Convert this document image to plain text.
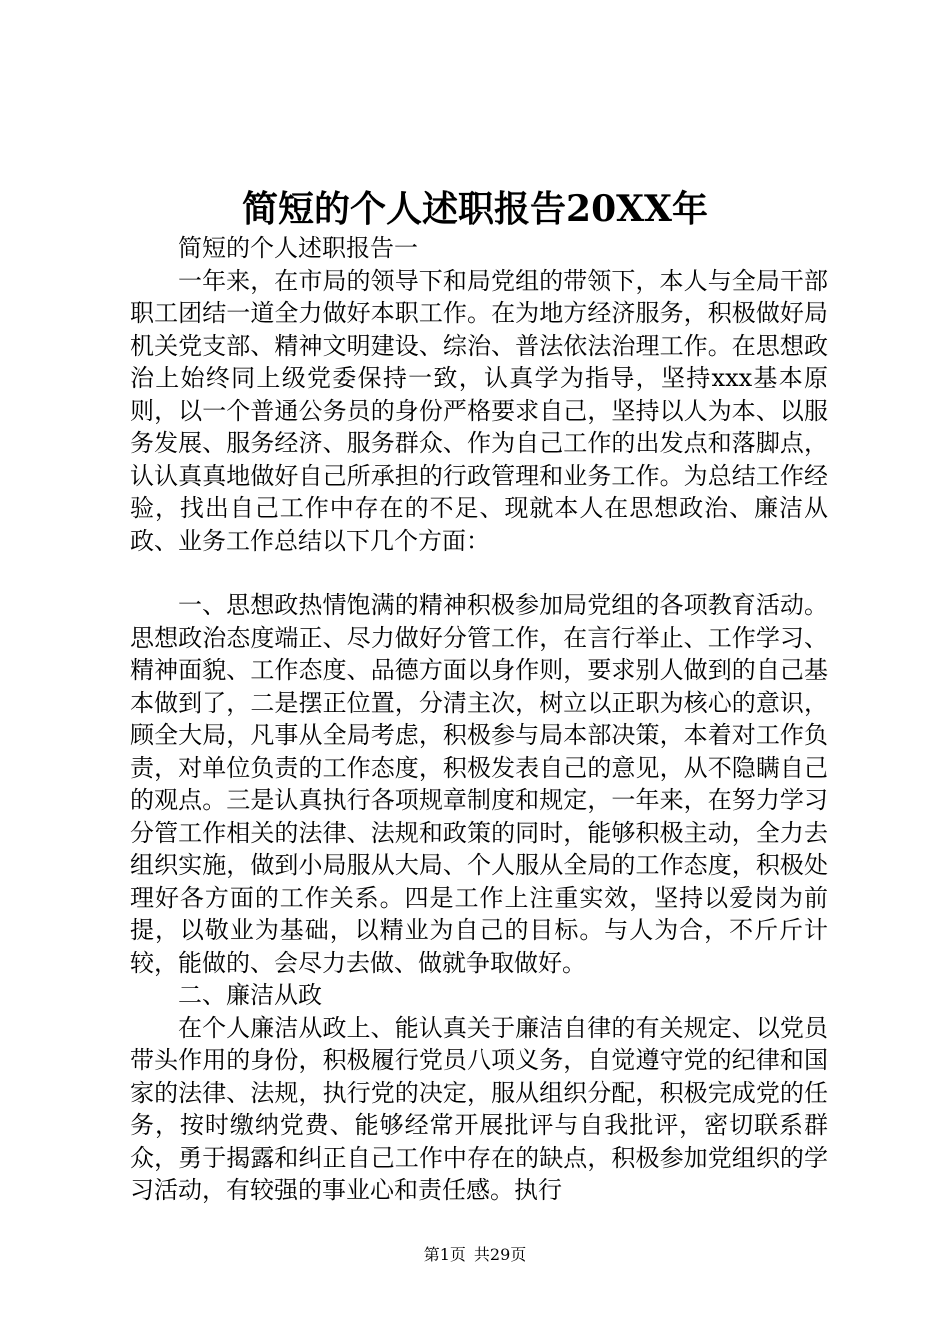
简短的个人述职报告20XX年

简短的个人述职报告一

一年来，在市局的领导下和局党组的带领下，本人与全局干部职工团结一道全力做好本职工作。在为地方经济服务，积极做好局机关党支部、精神文明建设、综治、普法依法治理工作。在思想政治上始终同上级党委保持一致，认真学为指导，坚持xxx基本原则，以一个普通公务员的身份严格要求自己，坚持以人为本、以服务发展、服务经济、服务群众、作为自己工作的出发点和落脚点，认认真真地做好自己所承担的行政管理和业务工作。为总结工作经验，找出自己工作中存在的不足、现就本人在思想政治、廉洁从政、业务工作总结以下几个方面：

一、思想政热情饱满的精神积极参加局党组的各项教育活动。思想政治态度端正、尽力做好分管工作，在言行举止、工作学习、精神面貌、工作态度、品德方面以身作则，要求别人做到的自己基本做到了，二是摆正位置，分清主次，树立以正职为核心的意识，顾全大局，凡事从全局考虑，积极参与局本部决策，本着对工作负责，对单位负责的工作态度，积极发表自己的意见，从不隐瞒自己的观点。三是认真执行各项规章制度和规定，一年来，在努力学习分管工作相关的法律、法规和政策的同时，能够积极主动，全力去组织实施，做到小局服从大局、个人服从全局的工作态度，积极处理好各方面的工作关系。四是工作上注重实效，坚持以爱岗为前提，以敬业为基础，以精业为自己的目标。与人为合，不斤斤计较，能做的、会尽力去做、做就争取做好。

二、廉洁从政

在个人廉洁从政上、能认真关于廉洁自律的有关规定、以党员带头作用的身份，积极履行党员八项义务，自觉遵守党的纪律和国家的法律、法规，执行党的决定，服从组织分配，积极完成党的任务，按时缴纳党费、能够经常开展批评与自我批评，密切联系群众，勇于揭露和纠正自己工作中存在的缺点，积极参加党组织的学习活动，有较强的事业心和责任感。执行

第1页 共29页
